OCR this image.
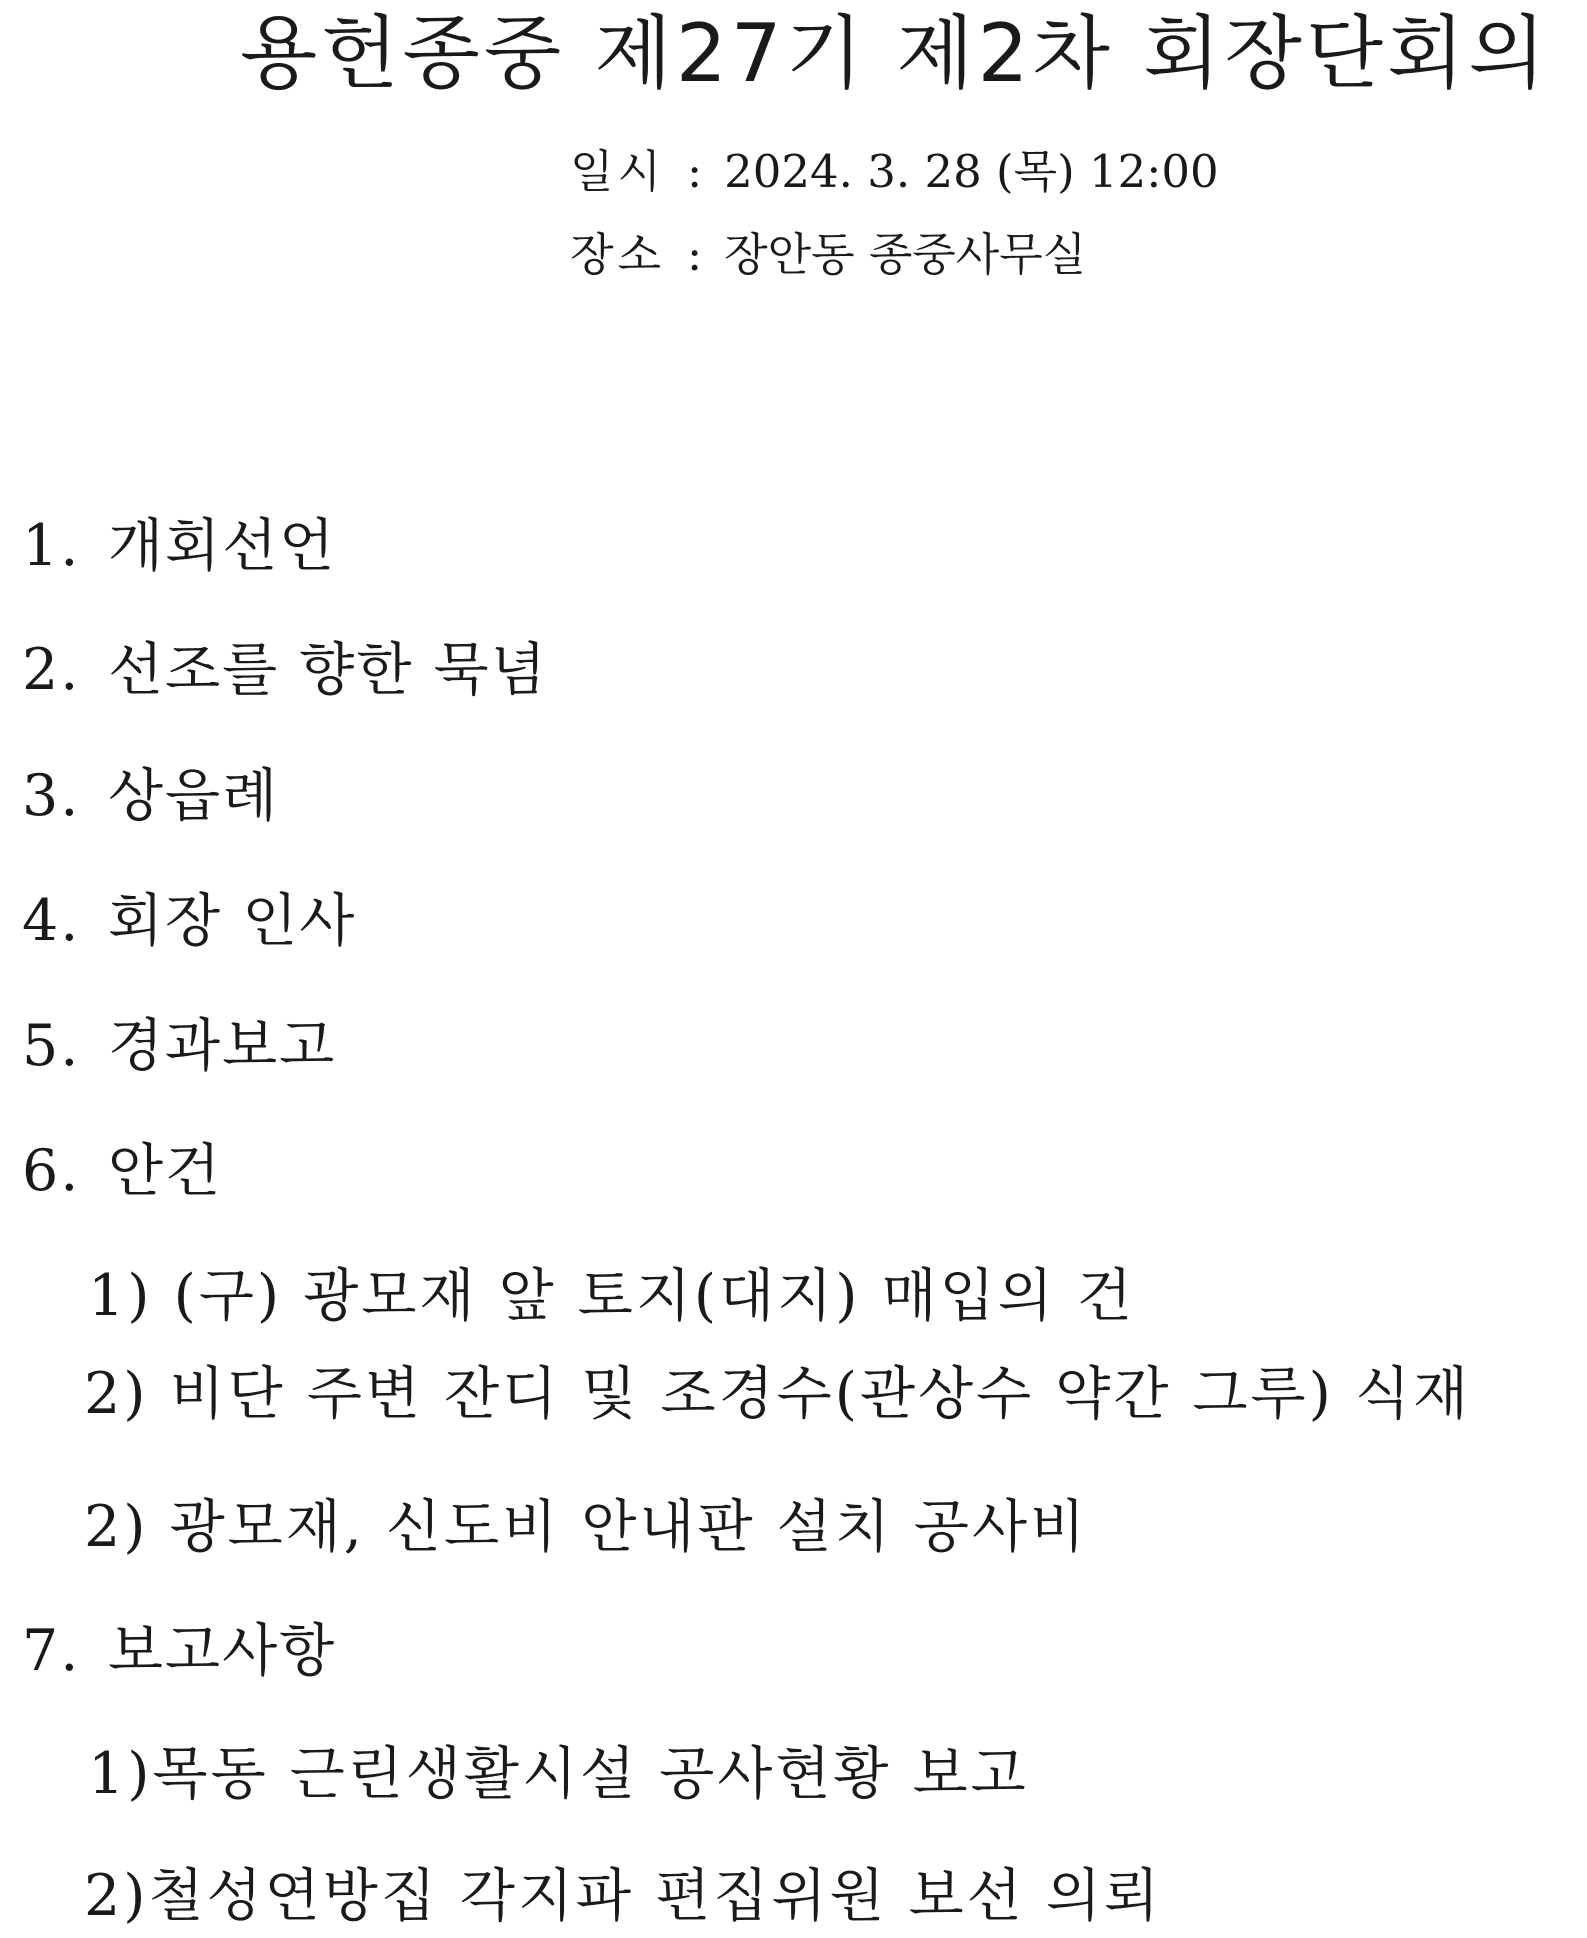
용헌종중 제27기 제2차 회장단회의
일시 : 2024. 3. 28 (목) 12:00
장소 : 장안동 종중사무실
1. 개회선언
2. 선조를 향한 묵념
3. 상읍례
4. 회장 인사
5. 경과보고
6. 안건
1) (구) 광모재 앞 토지(대지) 매입의 건
2) 비단 주변 잔디 및 조경수(관상수 약간 그루) 식재
2) 광모재, 신도비 안내판 설치 공사비
7. 보고사항
1)목동 근린생활시설 공사현황 보고
2)철성연방집 각지파 편집위원 보선 의뢰
